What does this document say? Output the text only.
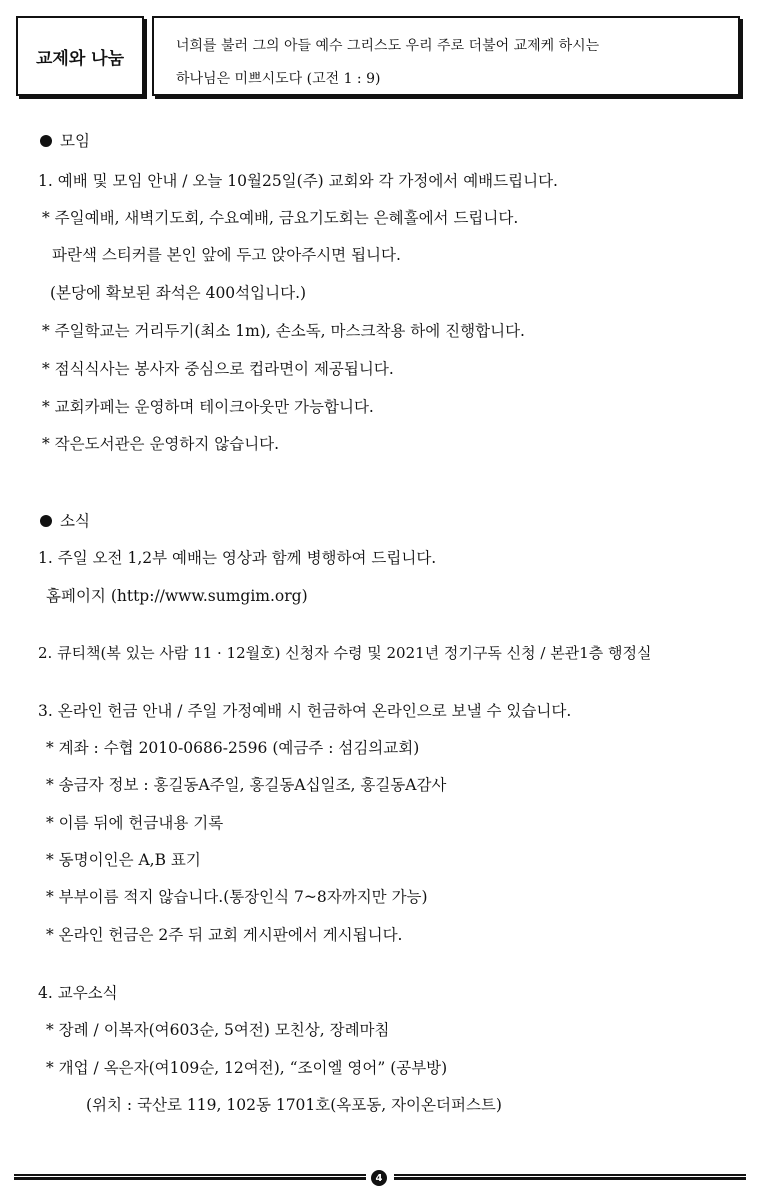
교제와 나눔
너희를 불러 그의 아들 예수 그리스도 우리 주로 더불어 교제케 하시는
하나님은 미쁘시도다 (고전 1 : 9)
모임
1. 예배 및 모임 안내 / 오늘 10월25일(주) 교회와 각 가정에서 예배드립니다.
* 주일예배, 새벽기도회, 수요예배, 금요기도회는 은혜홀에서 드립니다.
파란색 스티커를 본인 앞에 두고 앉아주시면 됩니다.
(본당에 확보된 좌석은 400석입니다.)
* 주일학교는 거리두기(최소 1m), 손소독, 마스크착용 하에 진행합니다.
* 점식식사는 봉사자 중심으로 컵라면이 제공됩니다.
* 교회카페는 운영하며 테이크아웃만 가능합니다.
* 작은도서관은 운영하지 않습니다.
소식
1. 주일 오전 1,2부 예배는 영상과 함께 병행하여 드립니다.
홈페이지 (http://www.sumgim.org)
2. 큐티책(복 있는 사람 11 · 12월호) 신청자 수령 및 2021년 정기구독 신청 / 본관1층 행정실
3. 온라인 헌금 안내 / 주일 가정예배 시 헌금하여 온라인으로 보낼 수 있습니다.
* 계좌 : 수협 2010-0686-2596 (예금주 : 섬김의교회)
* 송금자 정보 : 홍길동A주일, 홍길동A십일조, 홍길동A감사
* 이름 뒤에 헌금내용 기록
* 동명이인은 A,B 표기
* 부부이름 적지 않습니다.(통장인식 7~8자까지만 가능)
* 온라인 헌금은 2주 뒤 교회 게시판에서 게시됩니다.
4. 교우소식
* 장례 / 이복자(여603순, 5여전) 모친상, 장례마침
* 개업 / 옥은자(여109순, 12여전), “조이엘 영어” (공부방)
(위치 : 국산로 119, 102동 1701호(옥포동, 자이온더퍼스트)
4
